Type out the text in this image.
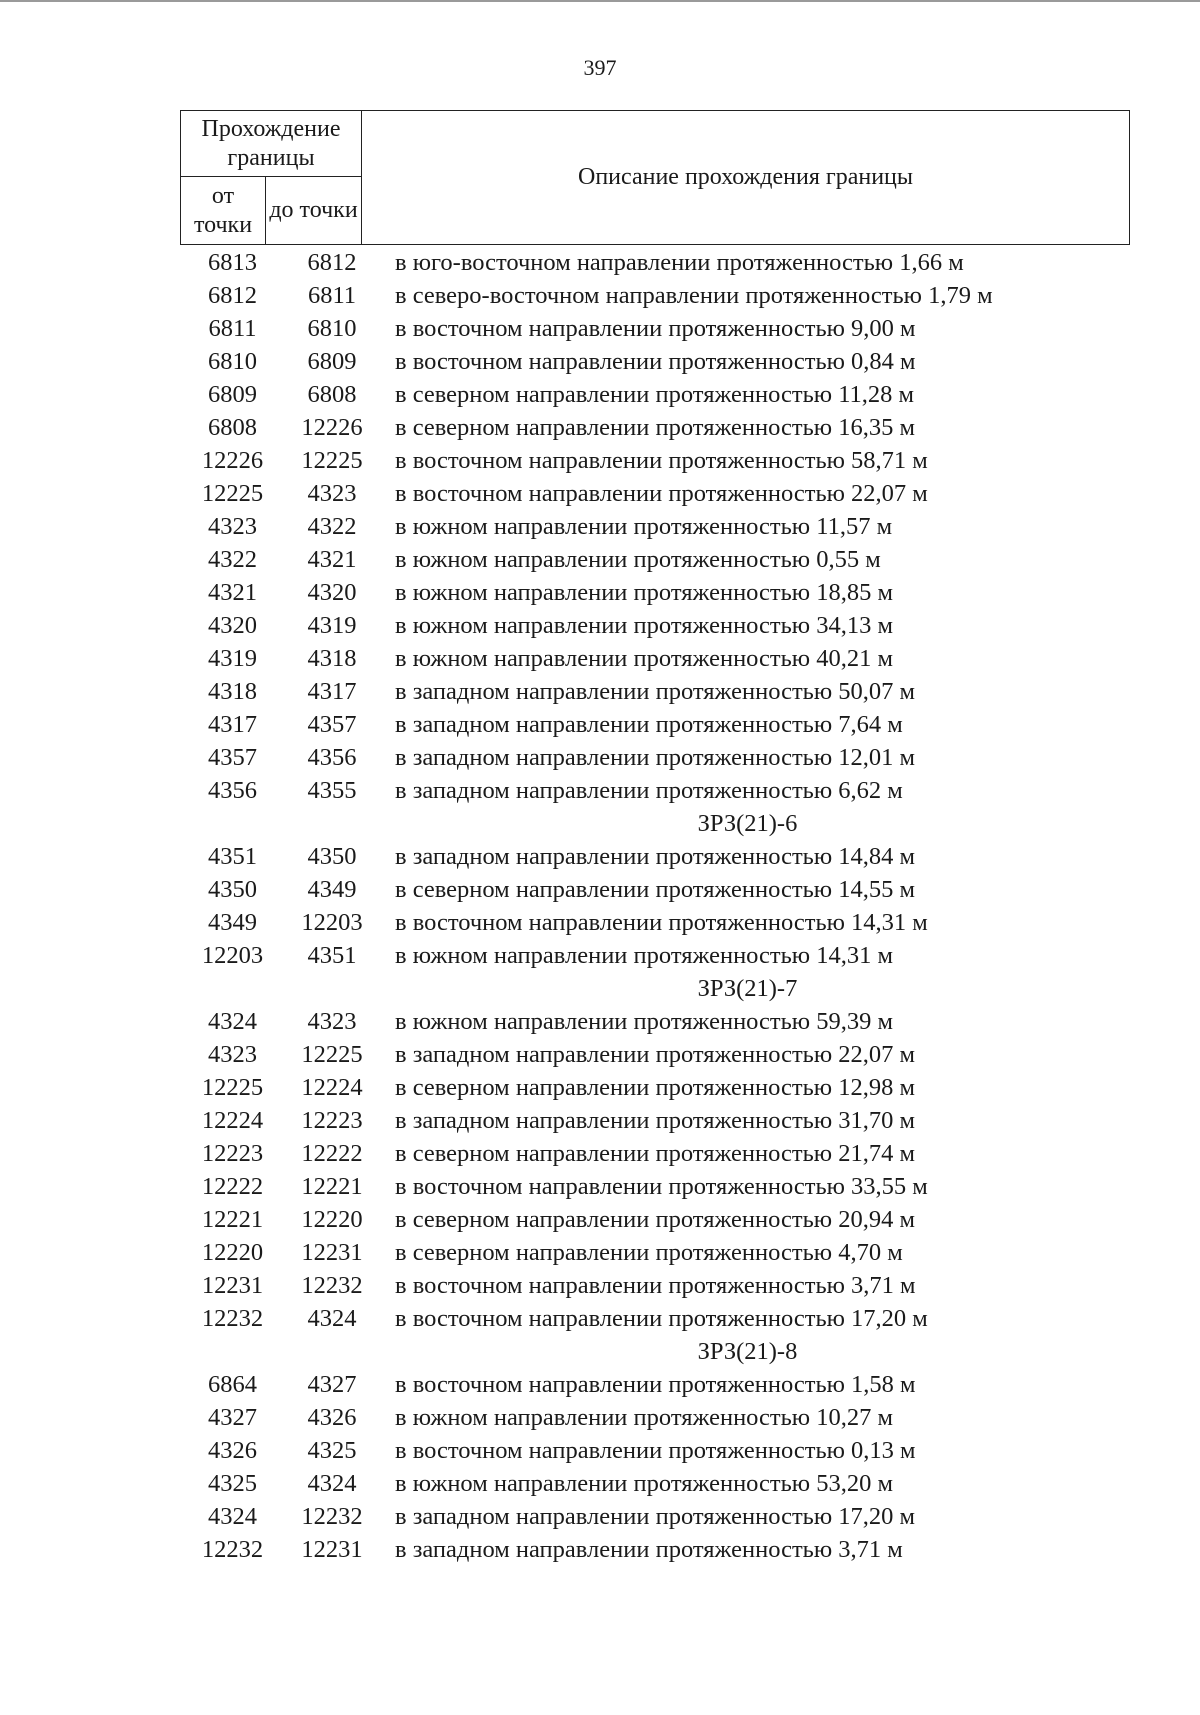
397
Прохождение границы		Описание прохождения границы
от точки	до точки	
6813	6812	в юго-восточном направлении протяженностью 1,66 м
6812	6811	в северо-восточном направлении протяженностью 1,79 м
6811	6810	в восточном направлении протяженностью 9,00 м
6810	6809	в восточном направлении протяженностью 0,84 м
6809	6808	в северном направлении протяженностью 11,28 м
6808	12226	в северном направлении протяженностью 16,35 м
12226	12225	в восточном направлении протяженностью 58,71 м
12225	4323	в восточном направлении протяженностью 22,07 м
4323	4322	в южном направлении протяженностью 11,57 м
4322	4321	в южном направлении протяженностью 0,55 м
4321	4320	в южном направлении протяженностью 18,85 м
4320	4319	в южном направлении протяженностью 34,13 м
4319	4318	в южном направлении протяженностью 40,21 м
4318	4317	в западном направлении протяженностью 50,07 м
4317	4357	в западном направлении протяженностью 7,64 м
4357	4356	в западном направлении протяженностью 12,01 м
4356	4355	в западном направлении протяженностью 6,62 м
ЗРЗ(21)-6
4351	4350	в западном направлении протяженностью 14,84 м
4350	4349	в северном направлении протяженностью 14,55 м
4349	12203	в восточном направлении протяженностью 14,31 м
12203	4351	в южном направлении протяженностью 14,31 м
ЗРЗ(21)-7
4324	4323	в южном направлении протяженностью 59,39 м
4323	12225	в западном направлении протяженностью 22,07 м
12225	12224	в северном направлении протяженностью 12,98 м
12224	12223	в западном направлении протяженностью 31,70 м
12223	12222	в северном направлении протяженностью 21,74 м
12222	12221	в восточном направлении протяженностью 33,55 м
12221	12220	в северном направлении протяженностью 20,94 м
12220	12231	в северном направлении протяженностью 4,70 м
12231	12232	в восточном направлении протяженностью 3,71 м
12232	4324	в восточном направлении протяженностью 17,20 м
ЗРЗ(21)-8
6864	4327	в восточном направлении протяженностью 1,58 м
4327	4326	в южном направлении протяженностью 10,27 м
4326	4325	в восточном направлении протяженностью 0,13 м
4325	4324	в южном направлении протяженностью 53,20 м
4324	12232	в западном направлении протяженностью 17,20 м
12232	12231	в западном направлении протяженностью 3,71 м
